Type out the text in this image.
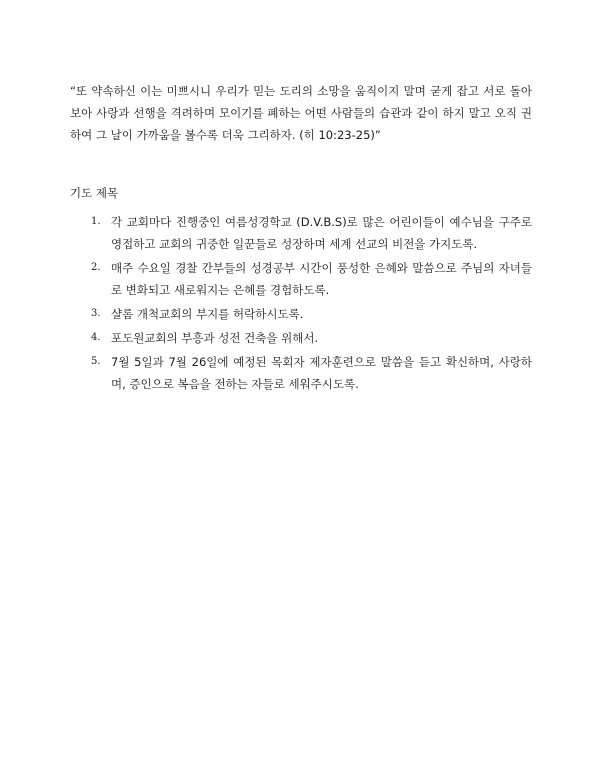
“또 약속하신 이는 미쁘시니 우리가 믿는 도리의 소망을 움직이지 말며 굳게 잡고 서로 돌아보아 사랑과 선행을 격려하며 모이기를 폐하는 어떤 사람들의 습관과 같이 하지 말고 오직 권하여 그 날이 가까움을 볼수록 더욱 그리하자. (히 10:23-25)”

기도 제목

1. 각 교회마다 진행중인 여름성경학교 (D.V.B.S)로 많은 어린이들이 예수님을 구주로 영접하고 교회의 귀중한 일꾼들로 성장하며 세계 선교의 비전을 가지도록.
2. 매주 수요일 경찰 간부들의 성경공부 시간이 풍성한 은혜와 말씀으로 주님의 자녀들로 변화되고 새로워지는 은혜를 경험하도록.
3. 샬롬 개척교회의 부지를 허락하시도록.
4. 포도원교회의 부흥과 성전 건축을 위해서.
5. 7월 5일과 7월 26일에 예정된 목회자 제자훈련으로 말씀을 듣고 확신하며, 사랑하며, 증인으로 복음을 전하는 자들로 세워주시도록.
